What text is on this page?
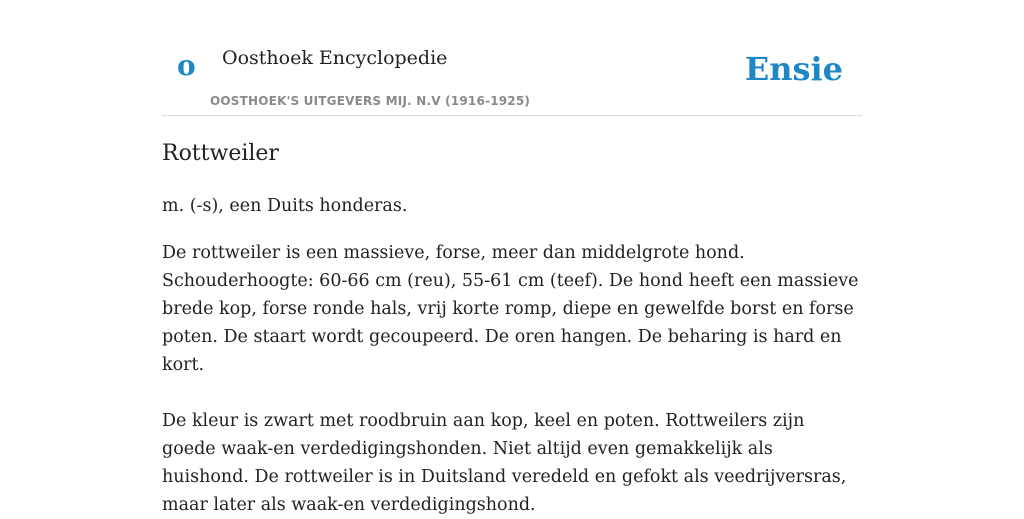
o Oosthoek Encyclopedie
OOSTHOEK'S UITGEVERS MIJ. N.V (1916-1925)
Ensie
Rottweiler

m. (-s), een Duits honderas.

De rottweiler is een massieve, forse, meer dan middelgrote hond. Schouderhoogte: 60-66 cm (reu), 55-61 cm (teef). De hond heeft een massieve brede kop, forse ronde hals, vrij korte romp, diepe en gewelfde borst en forse poten. De staart wordt gecoupeerd. De oren hangen. De beharing is hard en kort.

De kleur is zwart met roodbruin aan kop, keel en poten. Rottweilers zijn goede waak-en verdedigingshonden. Niet altijd even gemakkelijk als huishond. De rottweiler is in Duitsland veredeld en gefokt als veedrijversras, maar later als waak-en verdedigingshond.
